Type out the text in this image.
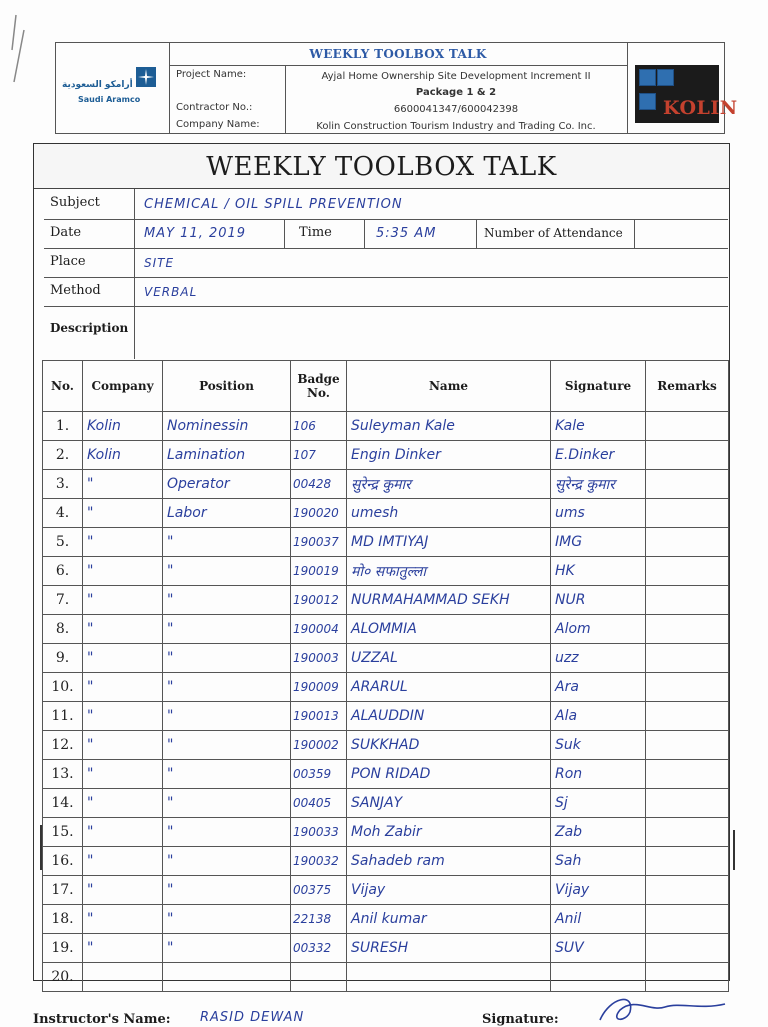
أرامكو السعودية
Saudi Aramco
WEEKLY TOOLBOX TALK
Project Name:	Ayjal Home Ownership Site Development Increment II
Package 1 & 2
Contractor No.:	6600041347/600042398
Company Name:	Kolin Construction Tourism Industry and Trading Co. Inc.
KOLIN
WEEKLY TOOLBOX TALK
Subject	CHEMICAL / OIL SPILL PREVENTION
Date	MAY 11, 2019	Time	5:35 AM	Number of Attendance
Place	SITE
Method	VERBAL
Description
No.	Company	Position	Badge No.	Name	Signature	Remarks
1.	Kolin	Nominessin	106	Suleyman Kale	Kale	
2.	Kolin	Lamination	107	Engin Dinker	E.Dinker	
3.	"	Operator	00428	सुरेन्द्र कुमार	सुरेन्द्र कुमार	
4.	"	Labor	190020	umesh	ums	
5.	"	"	190037	MD IMTIYAJ	IMG	
6.	"	"	190019	मो० सफातुल्ला	HK	
7.	"	"	190012	NURMAHAMMAD SEKH	NUR	
8.	"	"	190004	ALOMMIA	Alom	
9.	"	"	190003	UZZAL	uzz	
10.	"	"	190009	ARARUL	Ara	
11.	"	"	190013	ALAUDDIN	Ala	
12.	"	"	190002	SUKKHAD	Suk	
13.	"	"	00359	PON RIDAD	Ron	
14.	"	"	00405	SANJAY	Sj	
15.	"	"	190033	Moh Zabir	Zab	
16.	"	"	190032	Sahadeb ram	Sah	
17.	"	"	00375	Vijay	Vijay	
18.	"	"	22138	Anil kumar	Anil	
19.	"	"	00332	SURESH	SUV	
20.						
Instructor's Name: RASID DEWAN	Signature:
